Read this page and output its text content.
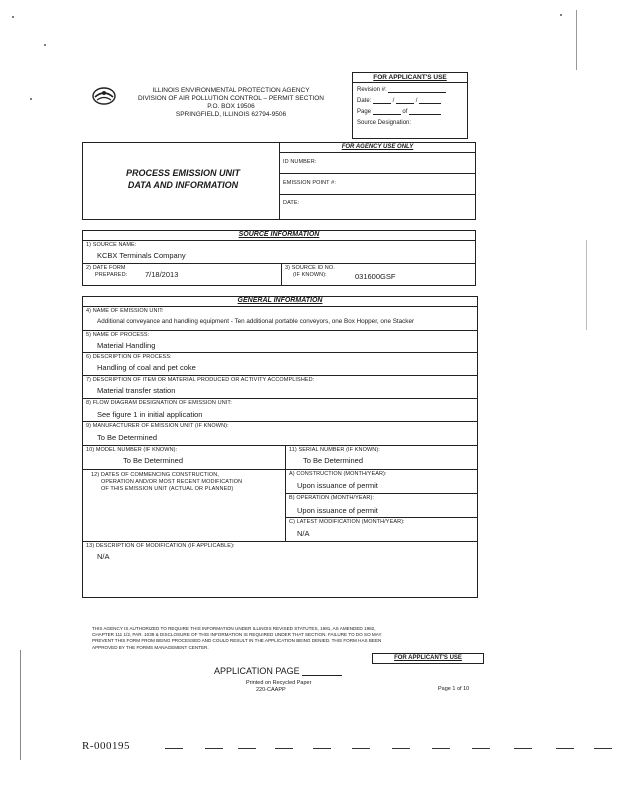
ILLINOIS ENVIRONMENTAL PROTECTION AGENCY
DIVISION OF AIR POLLUTION CONTROL – PERMIT SECTION
P.O. BOX 19506
SPRINGFIELD, ILLINOIS 62794-9506
FOR APPLICANT'S USE
Revision #:
Date:	/	/
Page	of
Source Designation:
PROCESS EMISSION UNIT
DATA AND INFORMATION
FOR AGENCY USE ONLY
ID NUMBER:
EMISSION POINT #:
DATE:
SOURCE INFORMATION
1) SOURCE NAME:
KCBX Terminals Company
2) DATE FORM
PREPARED: 7/18/2013
3) SOURCE ID NO.
(IF KNOWN):	031600GSF
GENERAL INFORMATION
4) NAME OF EMISSION UNIT:
Additional conveyance and handling equipment - Ten additional portable conveyors, one Box Hopper, one Stacker
5) NAME OF PROCESS:
Material Handling
6) DESCRIPTION OF PROCESS:
Handling of coal and pet coke
7) DESCRIPTION OF ITEM OR MATERIAL PRODUCED OR ACTIVITY ACCOMPLISHED:
Material transfer station
8) FLOW DIAGRAM DESIGNATION OF EMISSION UNIT:
See figure 1 in initial application
9) MANUFACTURER OF EMISSION UNIT (IF KNOWN):
To Be Determined
10) MODEL NUMBER (IF KNOWN):
To Be Determined
11) SERIAL NUMBER (IF KNOWN):
To Be Determined
12) DATES OF COMMENCING CONSTRUCTION,
OPERATION AND/OR MOST RECENT MODIFICATION
OF THIS EMISSION UNIT (ACTUAL OR PLANNED)
A) CONSTRUCTION (MONTH/YEAR):
Upon issuance of permit
B) OPERATION (MONTH/YEAR):
Upon issuance of permit
C) LATEST MODIFICATION (MONTH/YEAR):
N/A
13) DESCRIPTION OF MODIFICATION (IF APPLICABLE):
N/A
THIS AGENCY IS AUTHORIZED TO REQUIRE THIS INFORMATION UNDER ILLINOIS REVISED STATUTES, 1981, AS AMENDED 1982, CHAPTER 111 1/2, PAR. 1039 & DISCLOSURE OF THIS INFORMATION IS REQUIRED UNDER THAT SECTION. FAILURE TO DO SO MAY PREVENT THIS FORM FROM BEING PROCESSED AND COULD RESULT IN THE APPLICATION BEING DENIED. THIS FORM HAS BEEN APPROVED BY THE FORMS MANAGEMENT CENTER.
FOR APPLICANT'S USE
APPLICATION PAGE
Printed on Recycled Paper
220-CAAPP	Page 1 of 10
R-000195
